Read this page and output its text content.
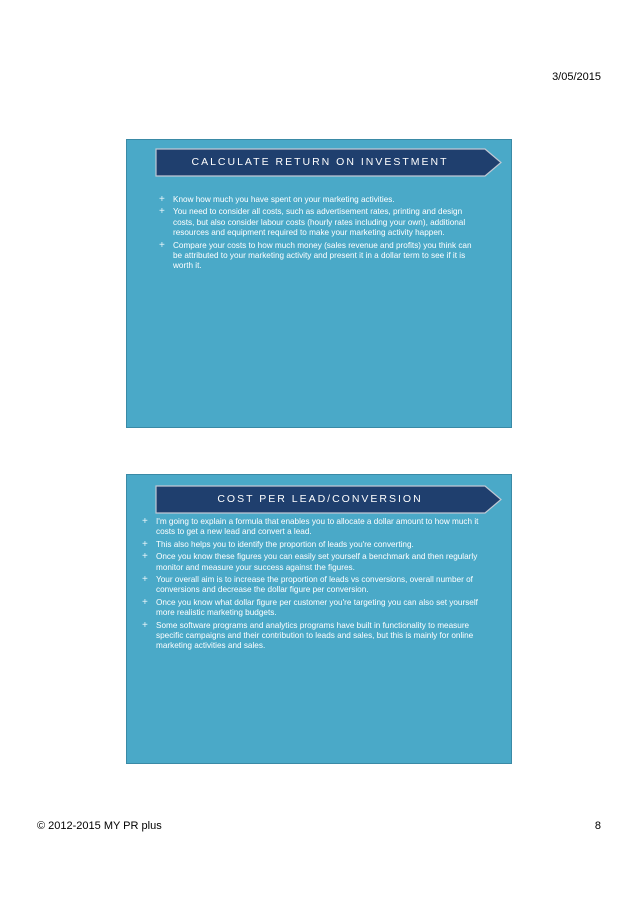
3/05/2015
CALCULATE RETURN ON INVESTMENT
+ Know how much you have spent on your marketing activities.
+ You need to consider all costs, such as advertisement rates, printing and design costs, but also consider labour costs (hourly rates including your own), additional resources and equipment required to make your marketing activity happen.
+ Compare your costs to how much money (sales revenue and profits) you think can be attributed to your marketing activity and present it in a dollar term to see if it is worth it.
COST PER LEAD/CONVERSION
+ I'm going to explain a formula that enables you to allocate a dollar amount to how much it costs to get a new lead and convert a lead.
+ This also helps you to identify the proportion of leads you're converting.
+ Once you know these figures you can easily set yourself a benchmark and then regularly monitor and measure your success against the figures.
+ Your overall aim is to increase the proportion of leads vs conversions, overall number of conversions and decrease the dollar figure per conversion.
+ Once you know what dollar figure per customer you're targeting you can also set yourself more realistic marketing budgets.
+ Some software programs and analytics programs have built in functionality to measure specific campaigns and their contribution to leads and sales, but this is mainly for online marketing activities and sales.
© 2012-2015 MY PR plus	8
